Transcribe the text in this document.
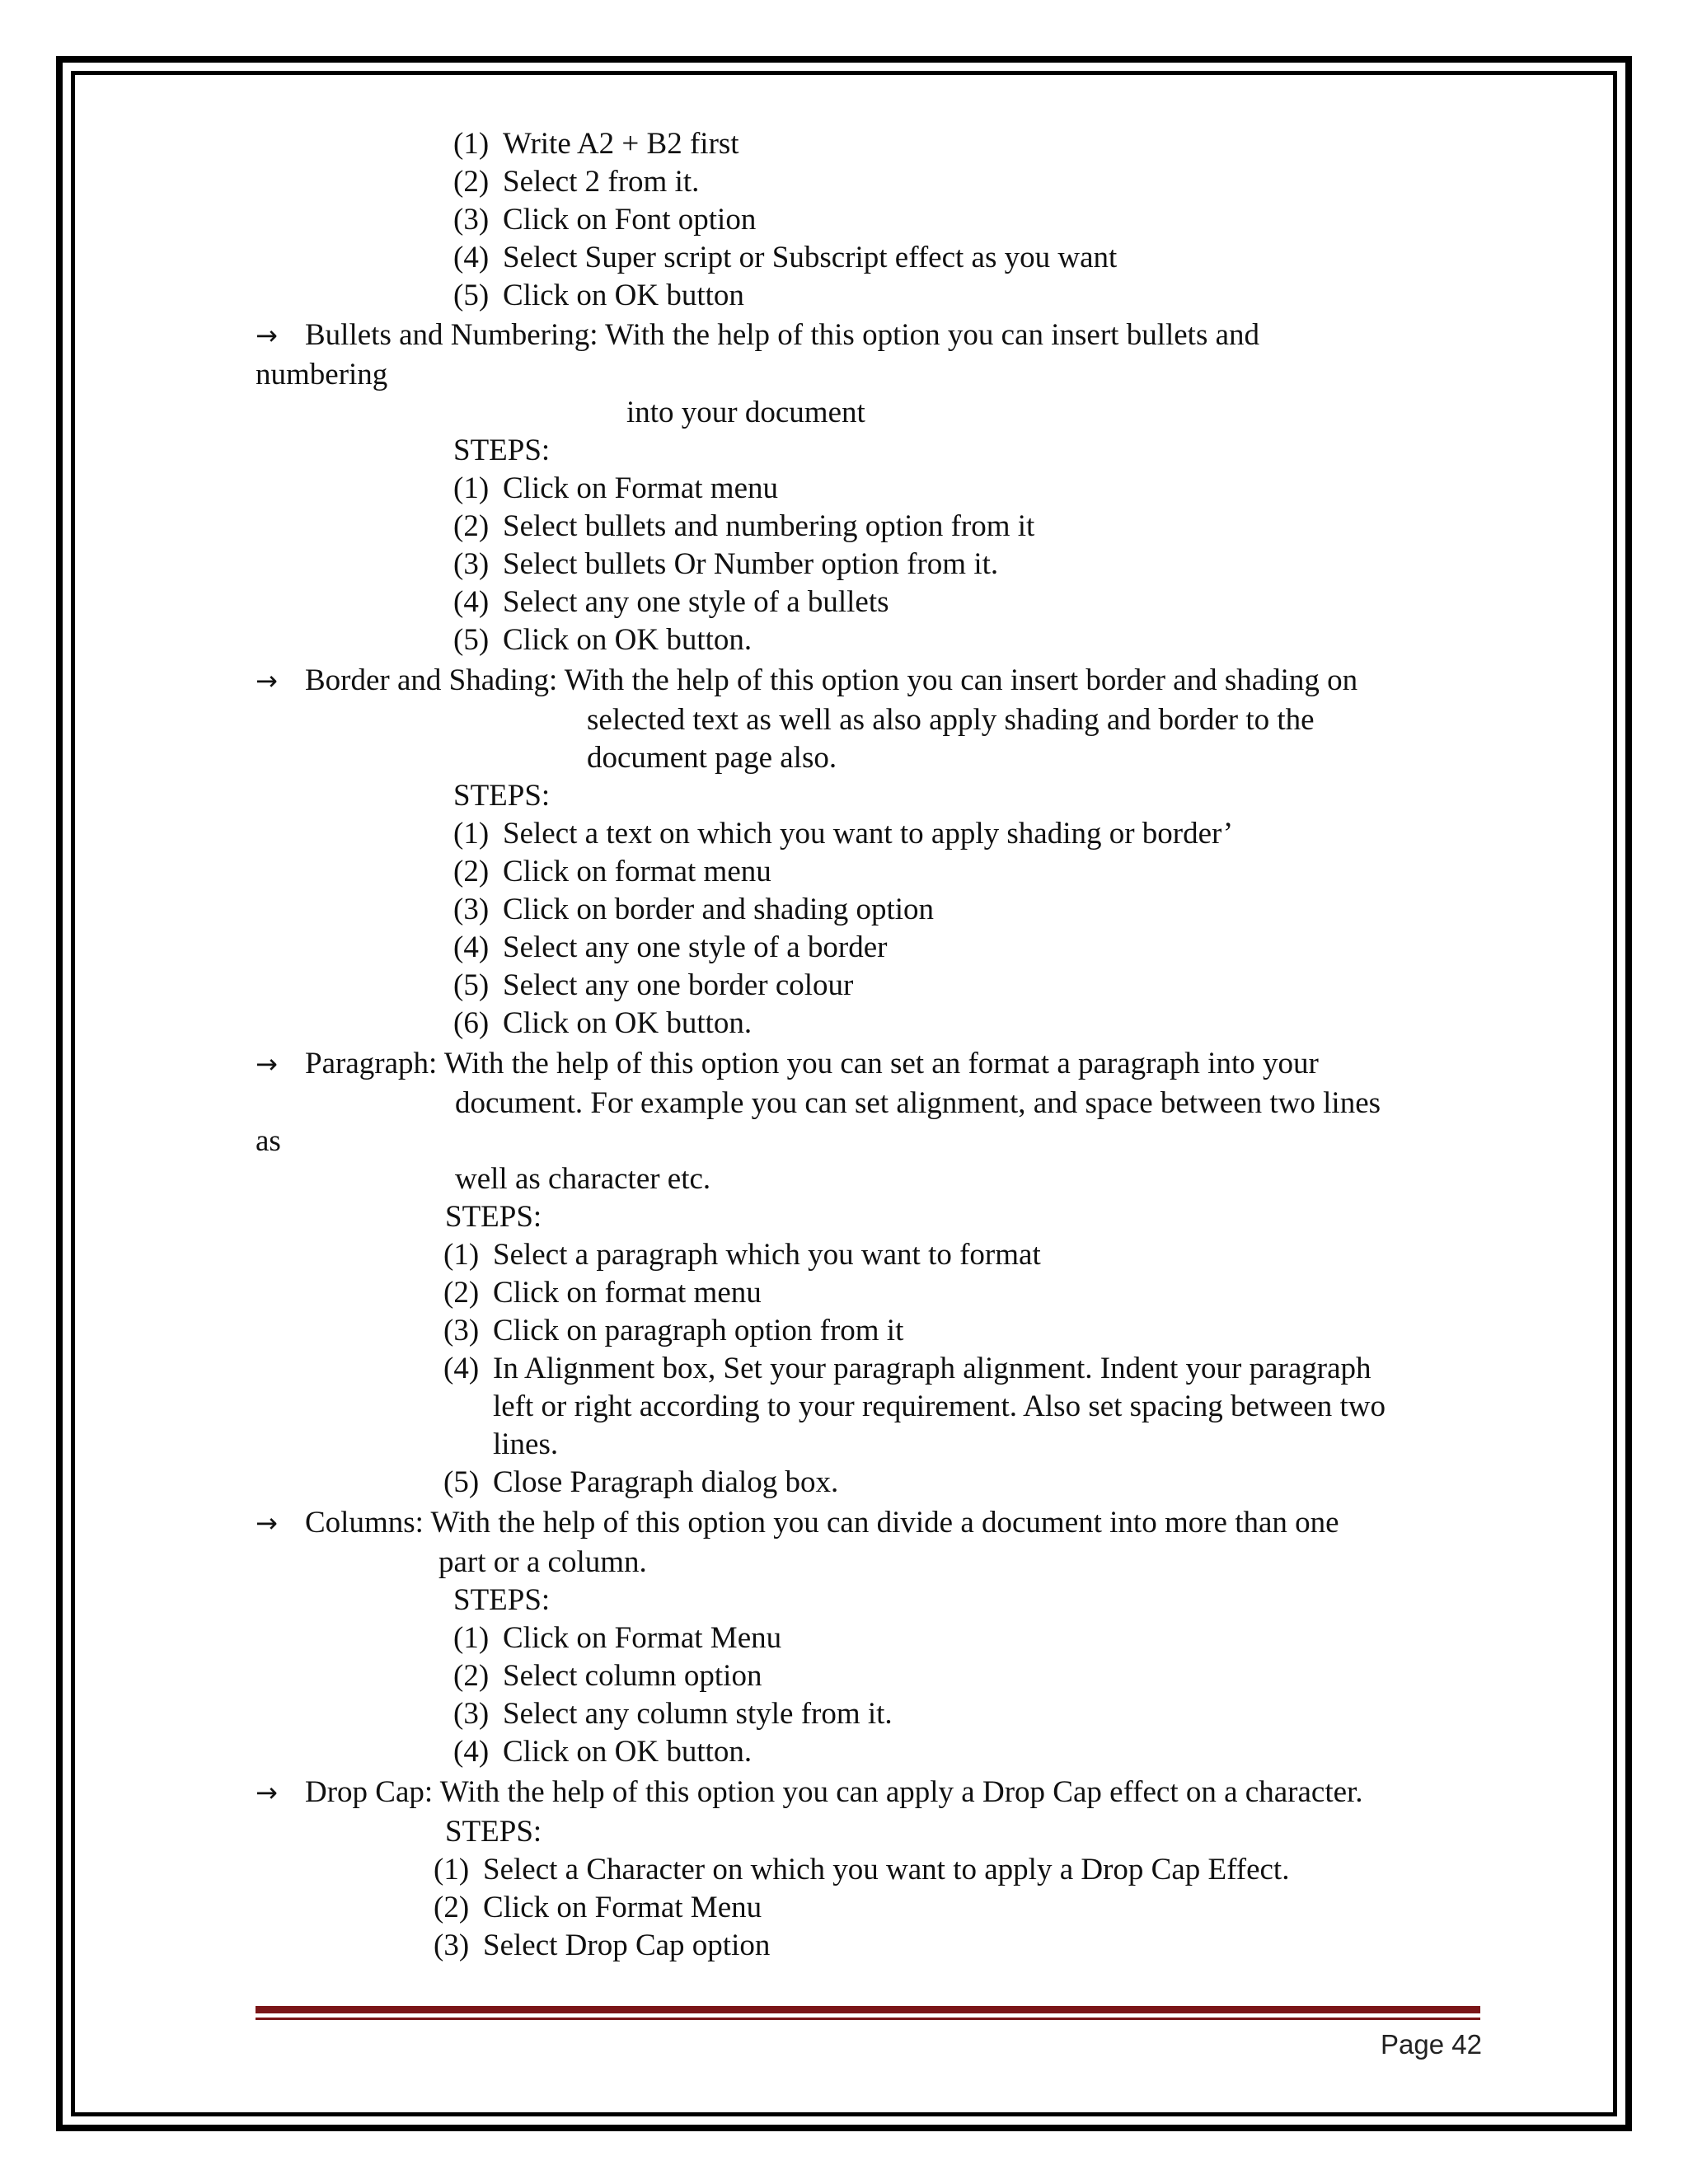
(1) Write A2 + B2 first
(2) Select 2 from it.
(3) Click on Font option
(4) Select Super script or Subscript effect as you want
(5) Click on OK button
→ Bullets and Numbering: With the help of this option you can insert bullets and
numbering
into your document
STEPS:
(1) Click on Format menu
(2) Select bullets and numbering option from it
(3) Select bullets Or Number option from it.
(4) Select any one style of a bullets
(5) Click on OK button.
→ Border and Shading: With the help of this option you can insert border and shading on
selected text as well as also apply shading and border to the
document page also.
STEPS:
(1) Select a text on which you want to apply shading or border’
(2) Click on format menu
(3) Click on border and shading option
(4) Select any one style of a border
(5) Select any one border colour
(6) Click on OK button.
→ Paragraph: With the help of this option you can set an format a paragraph into your
document. For example you can set alignment, and space between two lines
as
well as character etc.
STEPS:
(1) Select a paragraph which you want to format
(2) Click on format menu
(3) Click on paragraph option from it
(4) In Alignment box, Set your paragraph alignment. Indent your paragraph
left or right according to your requirement. Also set spacing between two
lines.
(5) Close Paragraph dialog box.
→ Columns: With the help of this option you can divide a document into more than one
part or a column.
STEPS:
(1) Click on Format Menu
(2) Select column option
(3) Select any column style from it.
(4) Click on OK button.
→ Drop Cap: With the help of this option you can apply a Drop Cap effect on a character.
STEPS:
(1) Select a Character on which you want to apply a Drop Cap Effect.
(2) Click on Format Menu
(3) Select Drop Cap option
Page 42
